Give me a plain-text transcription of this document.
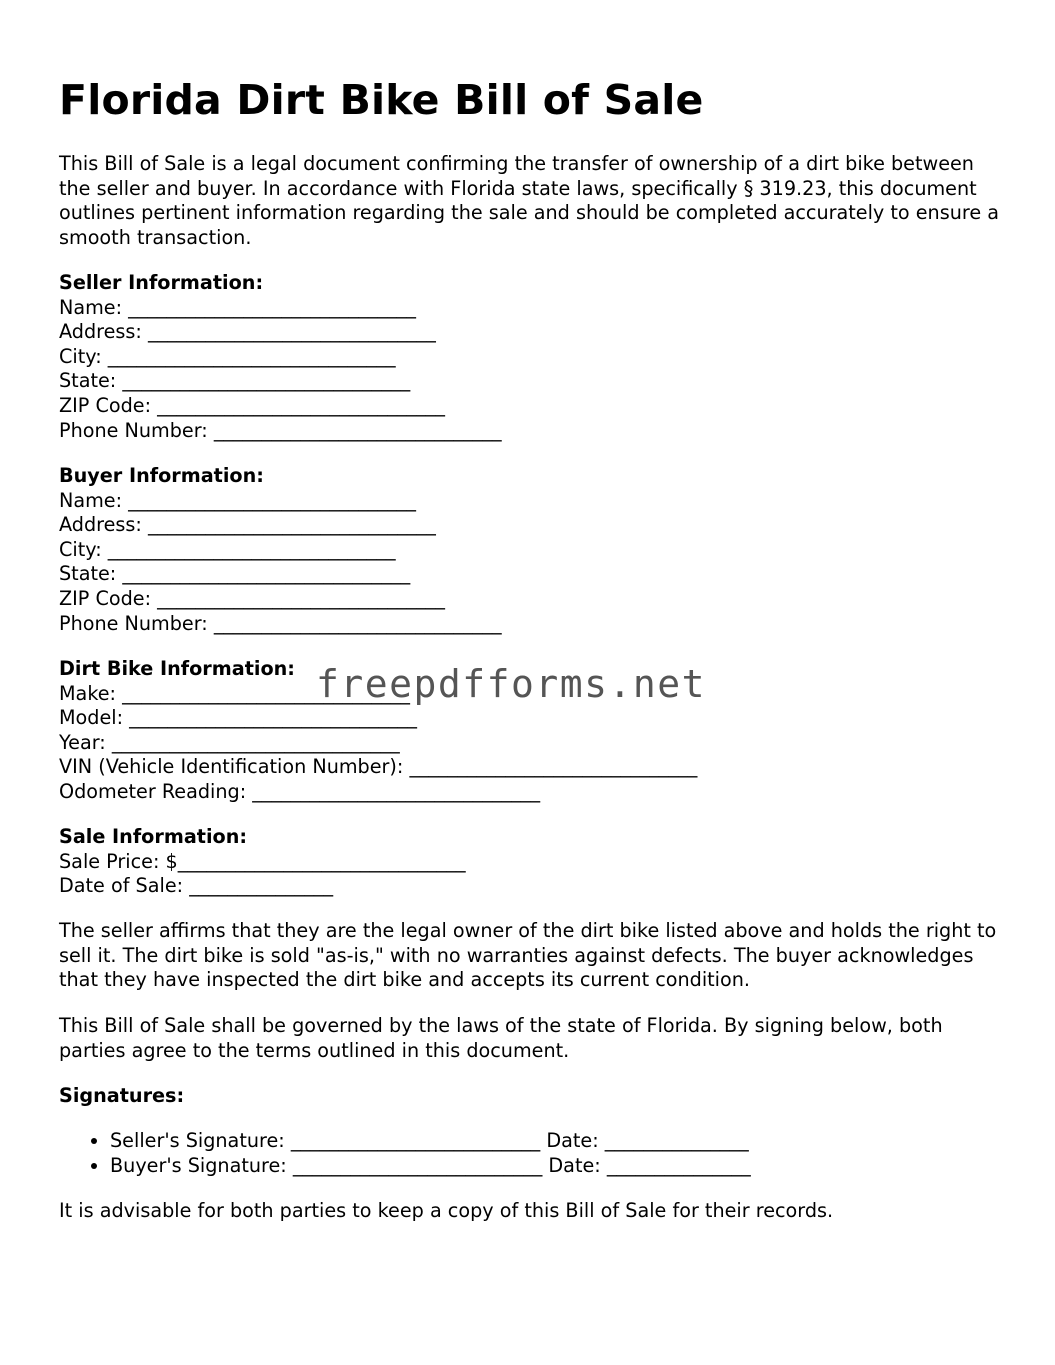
Florida Dirt Bike Bill of Sale

This Bill of Sale is a legal document confirming the transfer of ownership of a dirt bike between the seller and buyer. In accordance with Florida state laws, specifically § 319.23, this document outlines pertinent information regarding the sale and should be completed accurately to ensure a smooth transaction.

Seller Information:

Name: ______________________________

Address: ______________________________

City: ______________________________

State: ______________________________

ZIP Code: ______________________________

Phone Number: ______________________________

Buyer Information:

Name: ______________________________

Address: ______________________________

City: ______________________________

State: ______________________________

ZIP Code: ______________________________

Phone Number: ______________________________

Dirt Bike Information:

Make: ______________________________

Model: ______________________________

Year: ______________________________

VIN (Vehicle Identification Number): ______________________________

Odometer Reading: ______________________________

Sale Information:

Sale Price: $______________________________

Date of Sale: _______________

The seller affirms that they are the legal owner of the dirt bike listed above and holds the right to sell it. The dirt bike is sold "as-is," with no warranties against defects. The buyer acknowledges that they have inspected the dirt bike and accepts its current condition.

This Bill of Sale shall be governed by the laws of the state of Florida. By signing below, both parties agree to the terms outlined in this document.

Signatures:

• Seller's Signature: __________________________ Date: _______________
• Buyer's Signature: __________________________ Date: _______________

It is advisable for both parties to keep a copy of this Bill of Sale for their records.

freepdfforms.net
